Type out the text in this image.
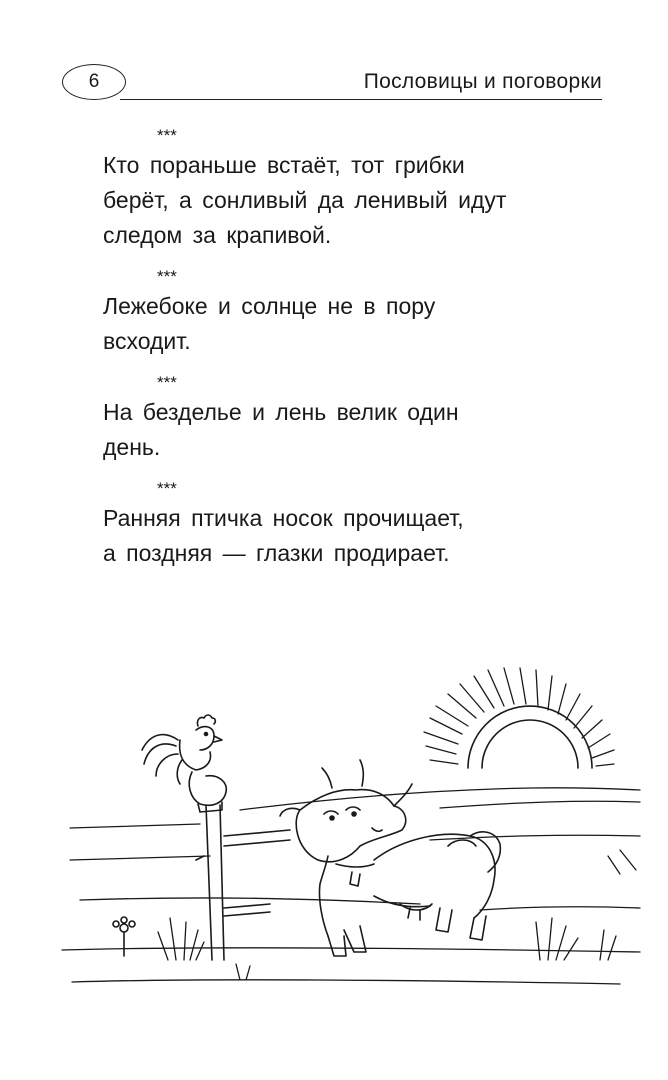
6	Пословицы и поговорки
***
Кто пораньше встаёт, тот грибки
берёт, а сонливый да ленивый идут
следом за крапивой.
***
Лежебоке и солнце не в пору
всходит.
***
На безделье и лень велик один
день.
***
Ранняя птичка носок прочищает,
а поздняя — глазки продирает.
